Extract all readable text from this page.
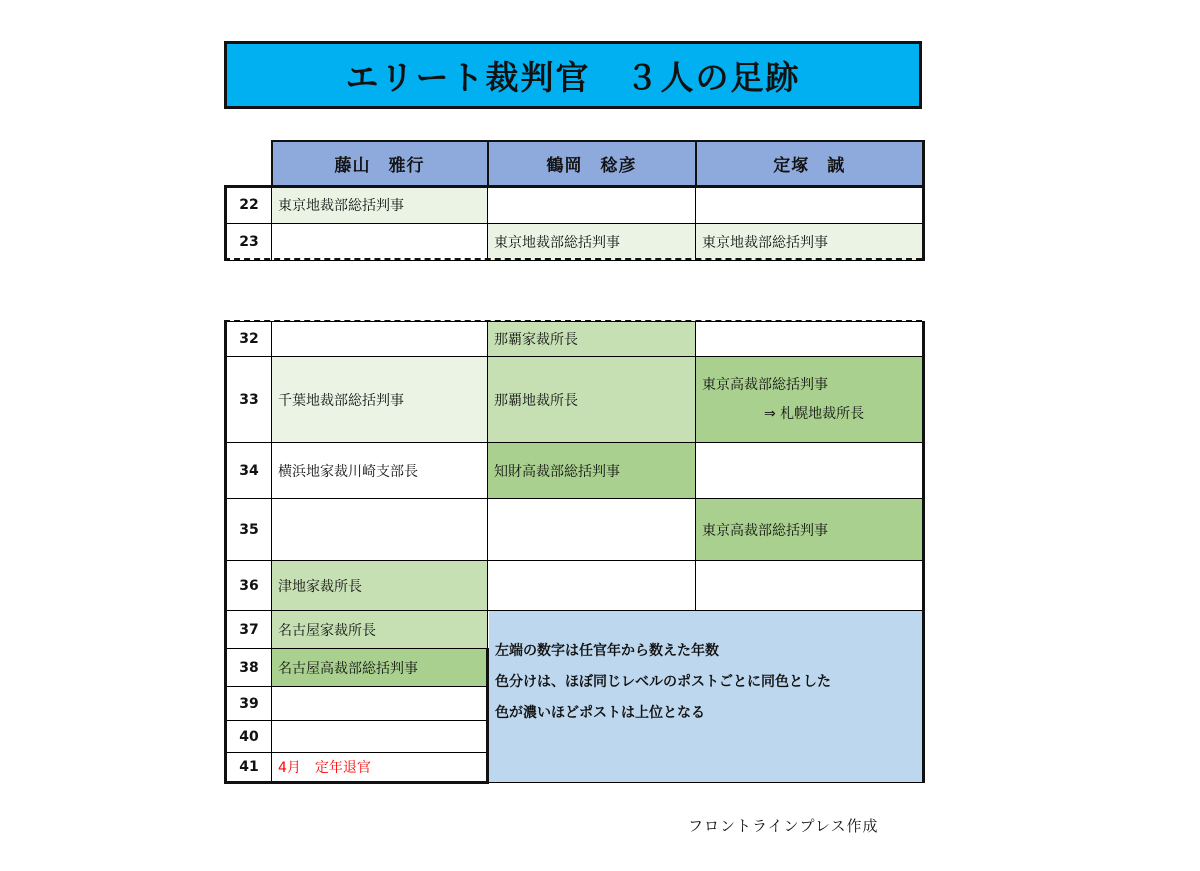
エリート裁判官　３人の足跡
	藤山　雅行	鶴岡　稔彦	定塚　誠
22	東京地裁部総括判事		
23		東京地裁部総括判事	東京地裁部総括判事
32		那覇家裁所長	
33	千葉地裁部総括判事	那覇地裁所長	東京高裁部総括判事
⇒ 札幌地裁所長

34	横浜地家裁川崎支部長	知財高裁部総括判事	
35			東京高裁部総括判事
36	津地家裁所長		
37	名古屋家裁所長	左端の数字は任官年から数えた年数
色分けは、ほぼ同じレベルのポストごとに同色とした
色が濃いほどポストは上位となる	

38	名古屋高裁部総括判事		
39			
40			
41	4月　定年退官		
フロントラインプレス作成
